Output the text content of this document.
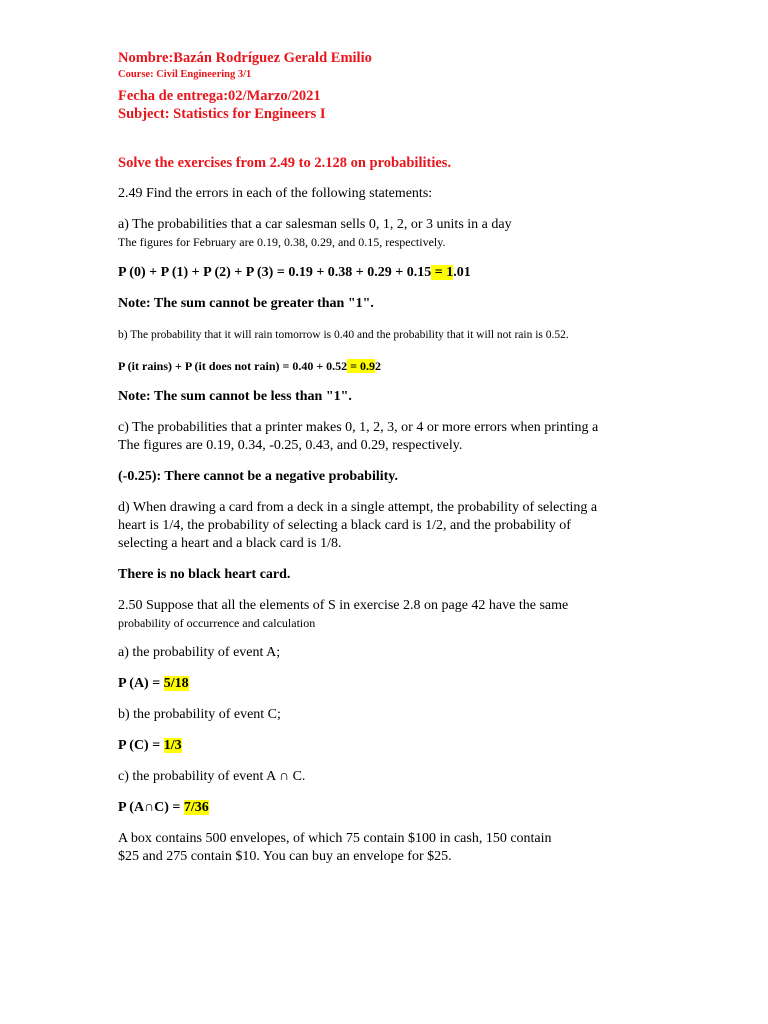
Nombre:Bazán Rodríguez Gerald Emilio
Course: Civil Engineering 3/1
Fecha de entrega:02/Marzo/2021
Subject: Statistics for Engineers I
Solve the exercises from 2.49 to 2.128 on probabilities.

2.49 Find the errors in each of the following statements:

a) The probabilities that a car salesman sells 0, 1, 2, or 3 units in a day

The figures for February are 0.19, 0.38, 0.29, and 0.15, respectively.

P (0) + P (1) + P (2) + P (3) = 0.19 + 0.38 + 0.29 + 0.15 = 1.01

Note: The sum cannot be greater than "1".

b) The probability that it will rain tomorrow is 0.40 and the probability that it will not rain is 0.52.

P (it rains) + P (it does not rain) = 0.40 + 0.52 = 0.92

Note: The sum cannot be less than "1".

c) The probabilities that a printer makes 0, 1, 2, 3, or 4 or more errors when printing a

The figures are 0.19, 0.34, -0.25, 0.43, and 0.29, respectively.

(-0.25): There cannot be a negative probability.

d) When drawing a card from a deck in a single attempt, the probability of selecting a

heart is 1/4, the probability of selecting a black card is 1/2, and the probability of

selecting a heart and a black card is 1/8.

There is no black heart card.

2.50 Suppose that all the elements of S in exercise 2.8 on page 42 have the same

probability of occurrence and calculation

a) the probability of event A;

P (A) = 5/18

b) the probability of event C;

P (C) = 1/3

c) the probability of event A ∩ C.

P (A∩C) = 7/36

A box contains 500 envelopes, of which 75 contain $100 in cash, 150 contain

$25 and 275 contain $10. You can buy an envelope for $25.
